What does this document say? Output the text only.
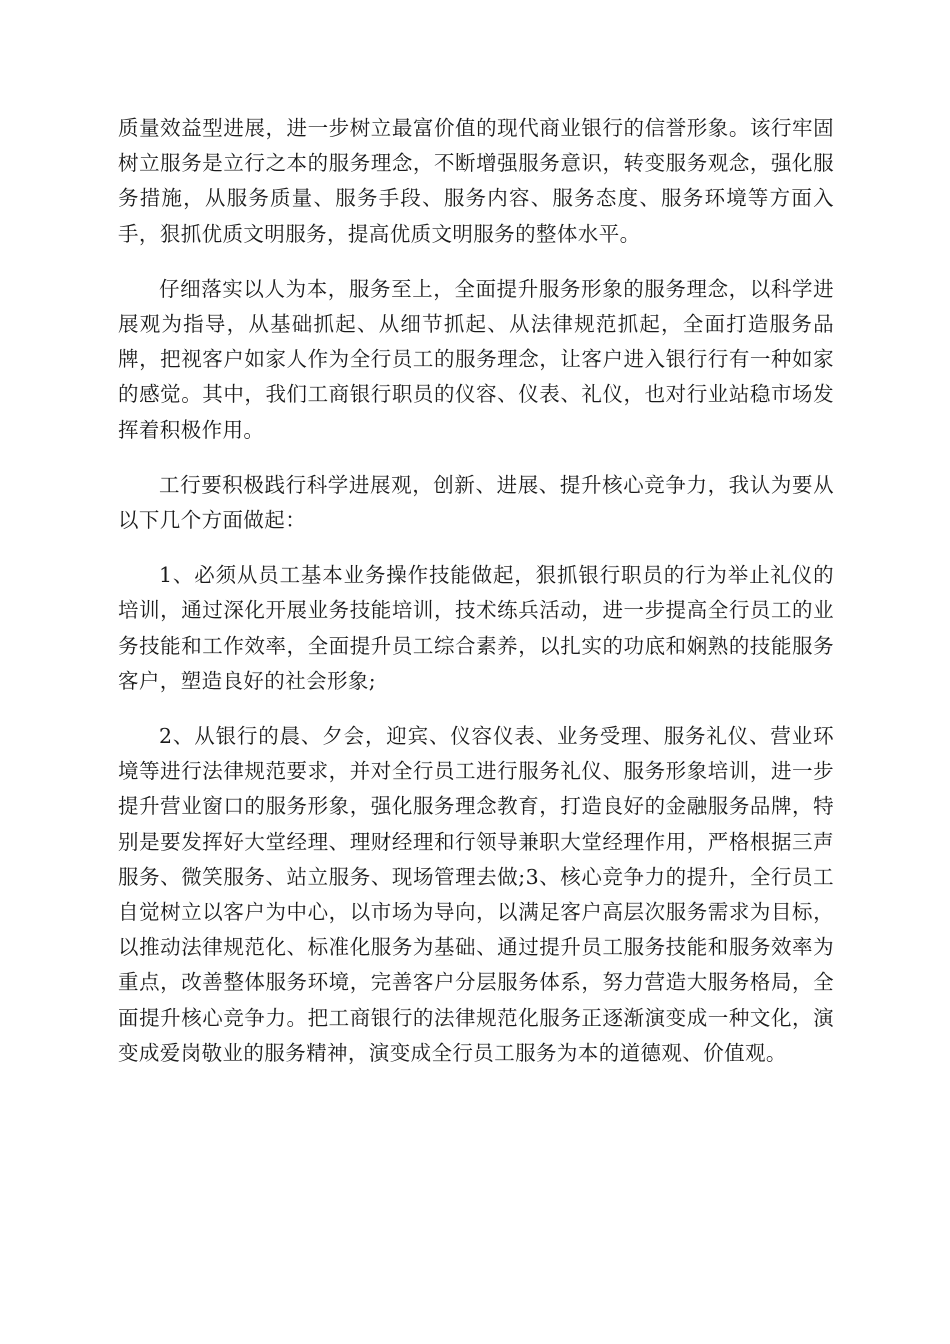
质量效益型进展，进一步树立最富价值的现代商业银行的信誉形象。该行牢固树立服务是立行之本的服务理念，不断增强服务意识，转变服务观念，强化服务措施，从服务质量、服务手段、服务内容、服务态度、服务环境等方面入手，狠抓优质文明服务，提高优质文明服务的整体水平。

仔细落实以人为本，服务至上，全面提升服务形象的服务理念，以科学进展观为指导，从基础抓起、从细节抓起、从法律规范抓起，全面打造服务品牌，把视客户如家人作为全行员工的服务理念，让客户进入银行行有一种如家的感觉。其中，我们工商银行职员的仪容、仪表、礼仪，也对行业站稳市场发挥着积极作用。

工行要积极践行科学进展观，创新、进展、提升核心竞争力，我认为要从以下几个方面做起：

1、必须从员工基本业务操作技能做起，狠抓银行职员的行为举止礼仪的培训，通过深化开展业务技能培训，技术练兵活动，进一步提高全行员工的业务技能和工作效率，全面提升员工综合素养，以扎实的功底和娴熟的技能服务客户，塑造良好的社会形象;

2、从银行的晨、夕会，迎宾、仪容仪表、业务受理、服务礼仪、营业环境等进行法律规范要求，并对全行员工进行服务礼仪、服务形象培训，进一步提升营业窗口的服务形象，强化服务理念教育，打造良好的金融服务品牌，特别是要发挥好大堂经理、理财经理和行领导兼职大堂经理作用，严格根据三声服务、微笑服务、站立服务、现场管理去做;3、核心竞争力的提升，全行员工自觉树立以客户为中心，以市场为导向，以满足客户高层次服务需求为目标，以推动法律规范化、标准化服务为基础、通过提升员工服务技能和服务效率为重点，改善整体服务环境，完善客户分层服务体系，努力营造大服务格局，全面提升核心竞争力。把工商银行的法律规范化服务正逐渐演变成一种文化，演变成爱岗敬业的服务精神，演变成全行员工服务为本的道德观、价值观。
